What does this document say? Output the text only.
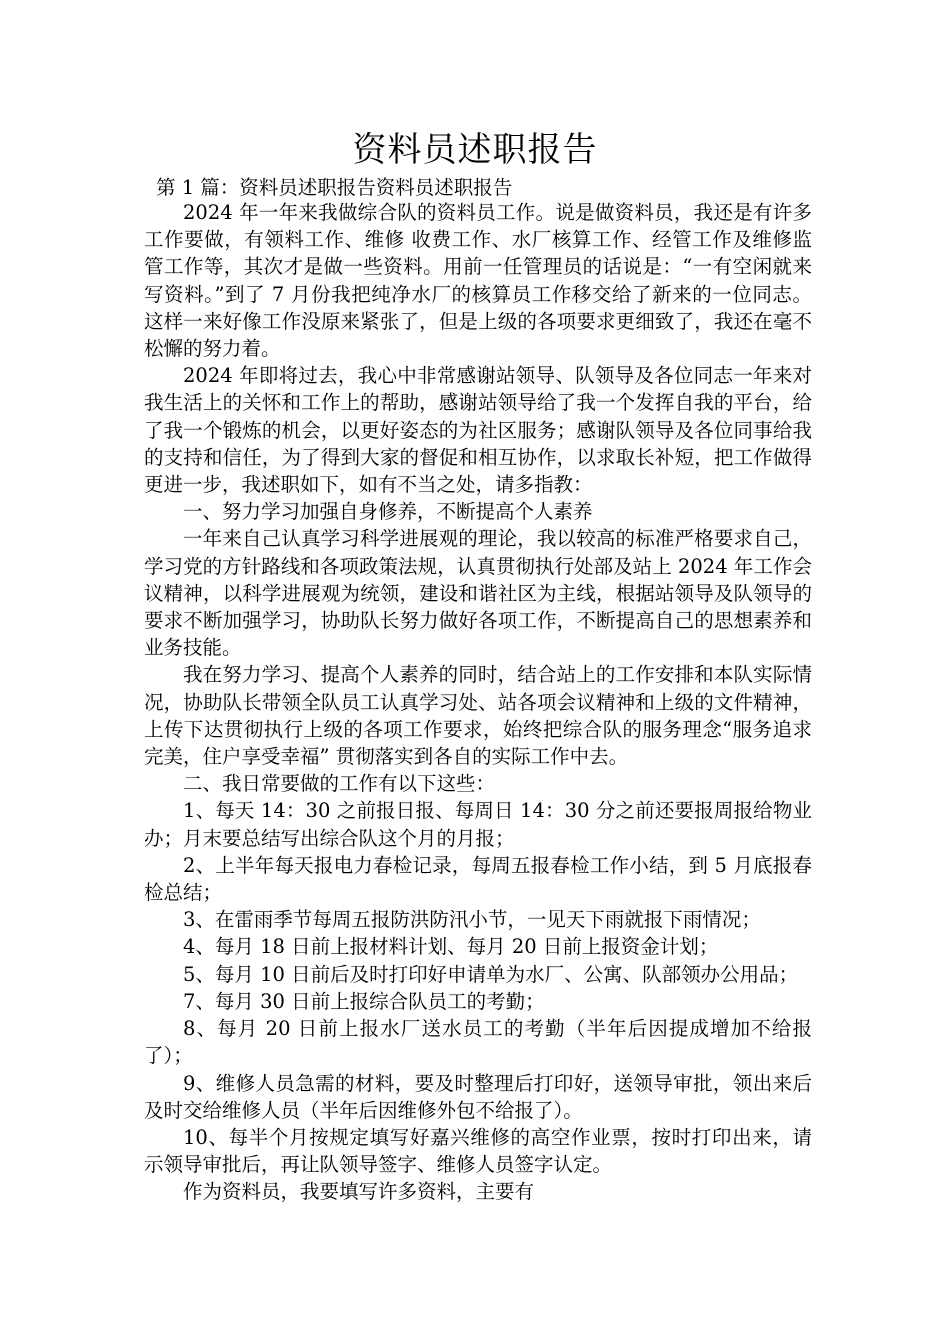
资料员述职报告
第 1 篇：资料员述职报告资料员述职报告

2024 年一年来我做综合队的资料员工作。说是做资料员，我还是有许多工作要做，有领料工作、维修 收费工作、水厂核算工作、经管工作及维修监管工作等，其次才是做一些资料。用前一任管理员的话说是：“一有空闲就来写资料。”到了 7 月份我把纯净水厂的核算员工作移交给了新来的一位同志。这样一来好像工作没原来紧张了，但是上级的各项要求更细致了，我还在毫不松懈的努力着。

2024 年即将过去，我心中非常感谢站领导、队领导及各位同志一年来对我生活上的关怀和工作上的帮助，感谢站领导给了我一个发挥自我的平台，给了我一个锻炼的机会，以更好姿态的为社区服务；感谢队领导及各位同事给我的支持和信任，为了得到大家的督促和相互协作，以求取长补短，把工作做得更进一步，我述职如下，如有不当之处，请多指教：

一、努力学习加强自身修养，不断提高个人素养

一年来自己认真学习科学进展观的理论，我以较高的标准严格要求自己，学习党的方针路线和各项政策法规，认真贯彻执行处部及站上 2024 年工作会议精神，以科学进展观为统领，建设和谐社区为主线，根据站领导及队领导的要求不断加强学习，协助队长努力做好各项工作，不断提高自己的思想素养和业务技能。

我在努力学习、提高个人素养的同时，结合站上的工作安排和本队实际情况，协助队长带领全队员工认真学习处、站各项会议精神和上级的文件精神，上传下达贯彻执行上级的各项工作要求，始终把综合队的服务理念“服务追求完美，住户享受幸福” 贯彻落实到各自的实际工作中去。

二、我日常要做的工作有以下这些：

1、每天 14：30 之前报日报、每周日 14：30 分之前还要报周报给物业办；月末要总结写出综合队这个月的月报；

2、上半年每天报电力春检记录，每周五报春检工作小结，到 5 月底报春检总结；

3、在雷雨季节每周五报防洪防汛小节，一见天下雨就报下雨情况；

4、每月 18 日前上报材料计划、每月 20 日前上报资金计划；

5、每月 10 日前后及时打印好申请单为水厂、公寓、队部领办公用品；

7、每月 30 日前上报综合队员工的考勤；

8、每月 20 日前上报水厂送水员工的考勤（半年后因提成增加不给报了）；

9、维修人员急需的材料，要及时整理后打印好，送领导审批，领出来后及时交给维修人员（半年后因维修外包不给报了）。

10、每半个月按规定填写好嘉兴维修的高空作业票，按时打印出来，请示领导审批后，再让队领导签字、维修人员签字认定。

作为资料员，我要填写许多资料，主要有
